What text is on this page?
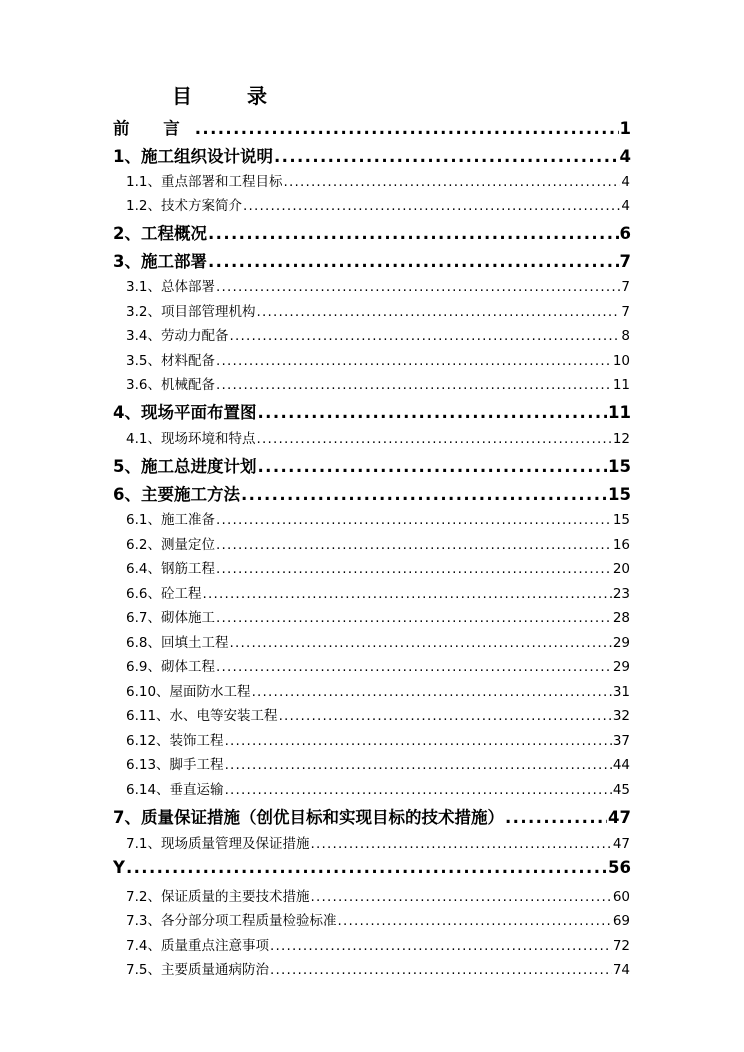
目 录
前 言 .....	1
1、施工组织设计说明 .....	4
1.1、重点部署和工程目标 .....	4
1.2、技术方案简介 .....	4
2、工程概况 .....	6
3、施工部署 .....	7
3.1、总体部署 .....	7
3.2、项目部管理机构 .....	7
3.4、劳动力配备 .....	8
3.5、材料配备 .....	10
3.6、机械配备 .....	11
4、现场平面布置图 .....	11
4.1、现场环境和特点 .....	12
5、施工总进度计划 .....	15
6、主要施工方法 .....	15
6.1、施工准备 .....	15
6.2、测量定位 .....	16
6.4、钢筋工程 .....	20
6.6、砼工程 .....	23
6.7、砌体施工 .....	28
6.8、回填土工程 .....	29
6.9、砌体工程 .....	29
6.10、屋面防水工程 .....	31
6.11、水、电等安装工程 .....	32
6.12、装饰工程 .....	37
6.13、脚手工程 .....	44
6.14、垂直运输 .....	45
7、质量保证措施（创优目标和实现目标的技术措施） .....	47
7.1、现场质量管理及保证措施 .....	47
Y .....	56
7.2、保证质量的主要技术措施 .....	60
7.3、各分部分项工程质量检验标准 .....	69
7.4、质量重点注意事项 .....	72
7.5、主要质量通病防治 .....	74
